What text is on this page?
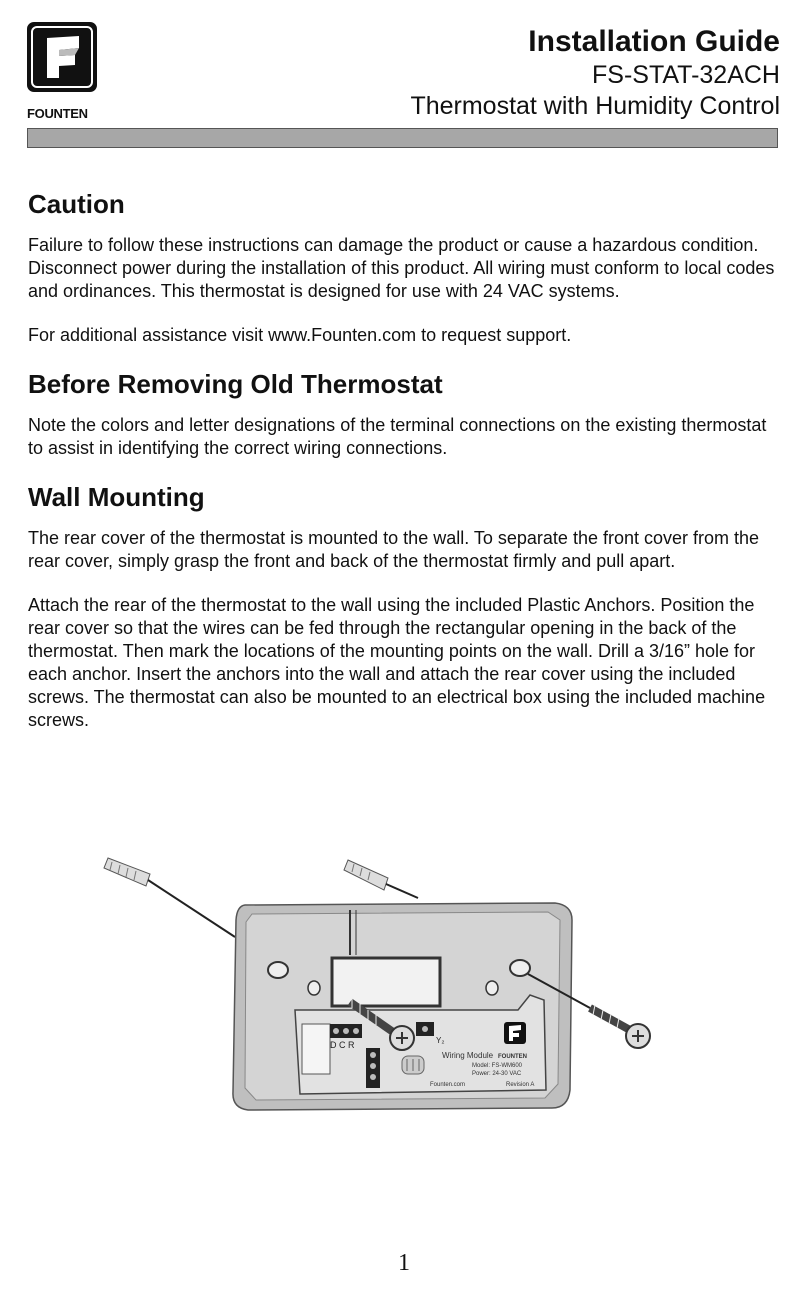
FOUNTEN
Installation Guide
FS-STAT-32ACH
Thermostat with Humidity Control
Caution

Failure to follow these instructions can damage the product or cause a hazardous condition. Disconnect power during the installation of this product. All wiring must conform to local codes and ordinances. This thermostat is designed for use with 24 VAC systems.

For additional assistance visit www.Founten.com to request support.

Before Removing Old Thermostat

Note the colors and letter designations of the terminal connections on the existing thermostat to assist in identifying the correct wiring connections.

Wall Mounting

The rear cover of the thermostat is mounted to the wall. To separate the front cover from the rear cover, simply grasp the front and back of the thermostat firmly and pull apart.

Attach the rear of the thermostat to the wall using the included Plastic Anchors. Position the rear cover so that the wires can be fed through the rectangular opening in the back of the thermostat. Then mark the locations of the mounting points on the wall. Drill a 3/16” hole for each anchor. Insert the anchors into the wall and attach the rear cover using the included screws. The thermostat can also be mounted to an electrical box using the included machine screws.

D C R	Y₂
Wiring Module FOUNTEN
Model: FS-WM600
Power: 24-30 VAC
Founten.com	Revision A
1
